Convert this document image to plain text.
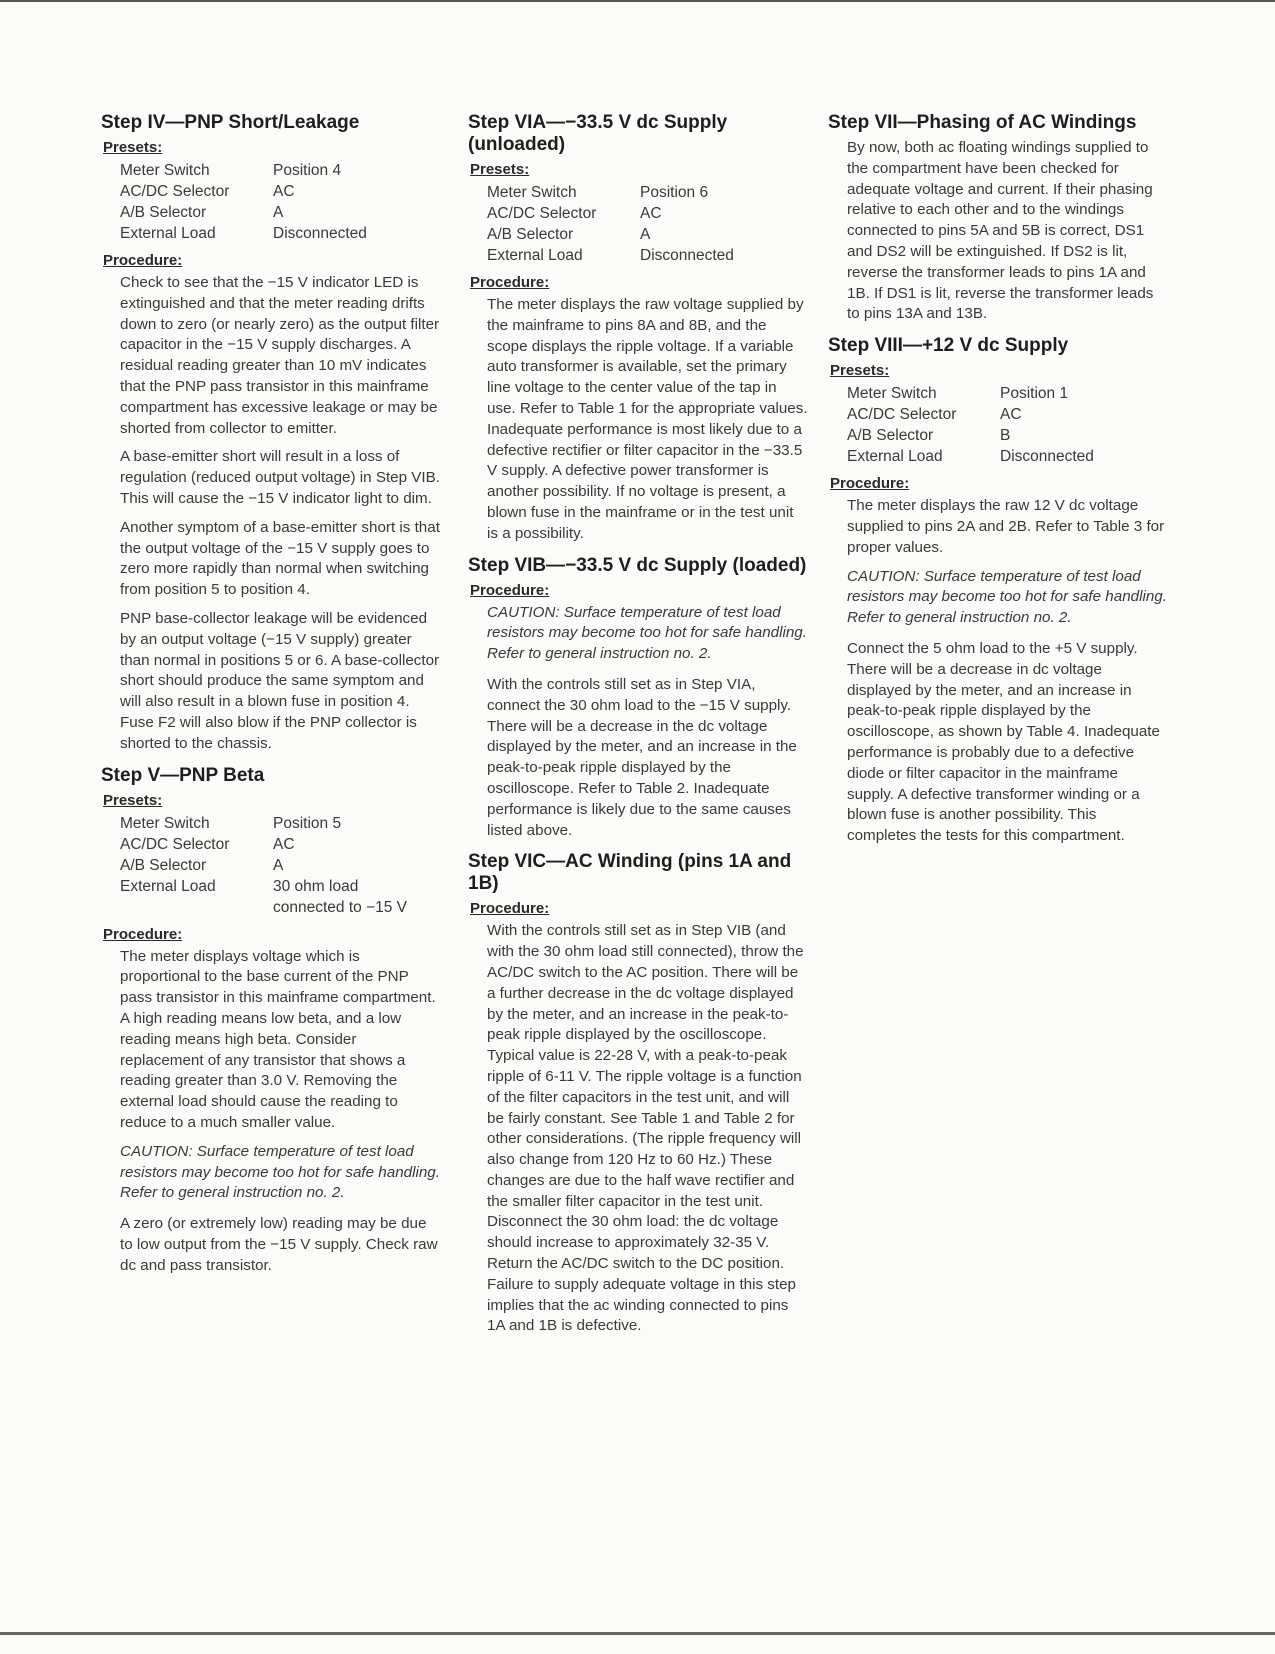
Step IV—PNP Short/Leakage
Presets:
Meter Switch	Position 4
AC/DC Selector	AC
A/B Selector	A
External Load	Disconnected
Procedure:

Check to see that the −15 V indicator LED is extinguished and that the meter reading drifts down to zero (or nearly zero) as the output filter capacitor in the −15 V supply discharges. A residual reading greater than 10 mV indicates that the PNP pass transistor in this mainframe compartment has excessive leakage or may be shorted from collector to emitter.

A base-emitter short will result in a loss of regulation (reduced output voltage) in Step VIB. This will cause the −15 V indicator light to dim.

Another symptom of a base-emitter short is that the output voltage of the −15 V supply goes to zero more rapidly than normal when switching from position 5 to position 4.

PNP base-collector leakage will be evidenced by an output voltage (−15 V supply) greater than normal in positions 5 or 6. A base-collector short should produce the same symptom and will also result in a blown fuse in position 4. Fuse F2 will also blow if the PNP collector is shorted to the chassis.

Step V—PNP Beta
Presets:
Meter Switch	Position 5
AC/DC Selector	AC
A/B Selector	A
External Load	30 ohm load
	connected to −15 V
Procedure:

The meter displays voltage which is proportional to the base current of the PNP pass transistor in this mainframe compartment. A high reading means low beta, and a low reading means high beta. Consider replacement of any transistor that shows a reading greater than 3.0 V. Removing the external load should cause the reading to reduce to a much smaller value.

CAUTION: Surface temperature of test load resistors may become too hot for safe handling. Refer to general instruction no. 2.

A zero (or extremely low) reading may be due to low output from the −15 V supply. Check raw dc and pass transistor.

Step VIA—−33.5 V dc Supply (unloaded)
Presets:
Meter Switch	Position 6
AC/DC Selector	AC
A/B Selector	A
External Load	Disconnected
Procedure:

The meter displays the raw voltage supplied by the mainframe to pins 8A and 8B, and the scope displays the ripple voltage. If a variable auto transformer is available, set the primary line voltage to the center value of the tap in use. Refer to Table 1 for the appropriate values. Inadequate performance is most likely due to a defective rectifier or filter capacitor in the −33.5 V supply. A defective power transformer is another possibility. If no voltage is present, a blown fuse in the mainframe or in the test unit is a possibility.

Step VIB—−33.5 V dc Supply (loaded)
Procedure:

CAUTION: Surface temperature of test load resistors may become too hot for safe handling. Refer to general instruction no. 2.

With the controls still set as in Step VIA, connect the 30 ohm load to the −15 V supply. There will be a decrease in the dc voltage displayed by the meter, and an increase in the peak-to-peak ripple displayed by the oscilloscope. Refer to Table 2. Inadequate performance is likely due to the same causes listed above.

Step VIC—AC Winding (pins 1A and 1B)
Procedure:

With the controls still set as in Step VIB (and with the 30 ohm load still connected), throw the AC/DC switch to the AC position. There will be a further decrease in the dc voltage displayed by the meter, and an increase in the peak-to-peak ripple displayed by the oscilloscope. Typical value is 22-28 V, with a peak-to-peak ripple of 6-11 V. The ripple voltage is a function of the filter capacitors in the test unit, and will be fairly constant. See Table 1 and Table 2 for other considerations. (The ripple frequency will also change from 120 Hz to 60 Hz.) These changes are due to the half wave rectifier and the smaller filter capacitor in the test unit. Disconnect the 30 ohm load: the dc voltage should increase to approximately 32-35 V. Return the AC/DC switch to the DC position. Failure to supply adequate voltage in this step implies that the ac winding connected to pins 1A and 1B is defective.

Step VII—Phasing of AC Windings

By now, both ac floating windings supplied to the compartment have been checked for adequate voltage and current. If their phasing relative to each other and to the windings connected to pins 5A and 5B is correct, DS1 and DS2 will be extinguished. If DS2 is lit, reverse the transformer leads to pins 1A and 1B. If DS1 is lit, reverse the transformer leads to pins 13A and 13B.

Step VIII—+12 V dc Supply
Presets:
Meter Switch	Position 1
AC/DC Selector	AC
A/B Selector	B
External Load	Disconnected
Procedure:

The meter displays the raw 12 V dc voltage supplied to pins 2A and 2B. Refer to Table 3 for proper values.

CAUTION: Surface temperature of test load resistors may become too hot for safe handling. Refer to general instruction no. 2.

Connect the 5 ohm load to the +5 V supply. There will be a decrease in dc voltage displayed by the meter, and an increase in peak-to-peak ripple displayed by the oscilloscope, as shown by Table 4. Inadequate performance is probably due to a defective diode or filter capacitor in the mainframe supply. A defective transformer winding or a blown fuse is another possibility. This completes the tests for this compartment.
